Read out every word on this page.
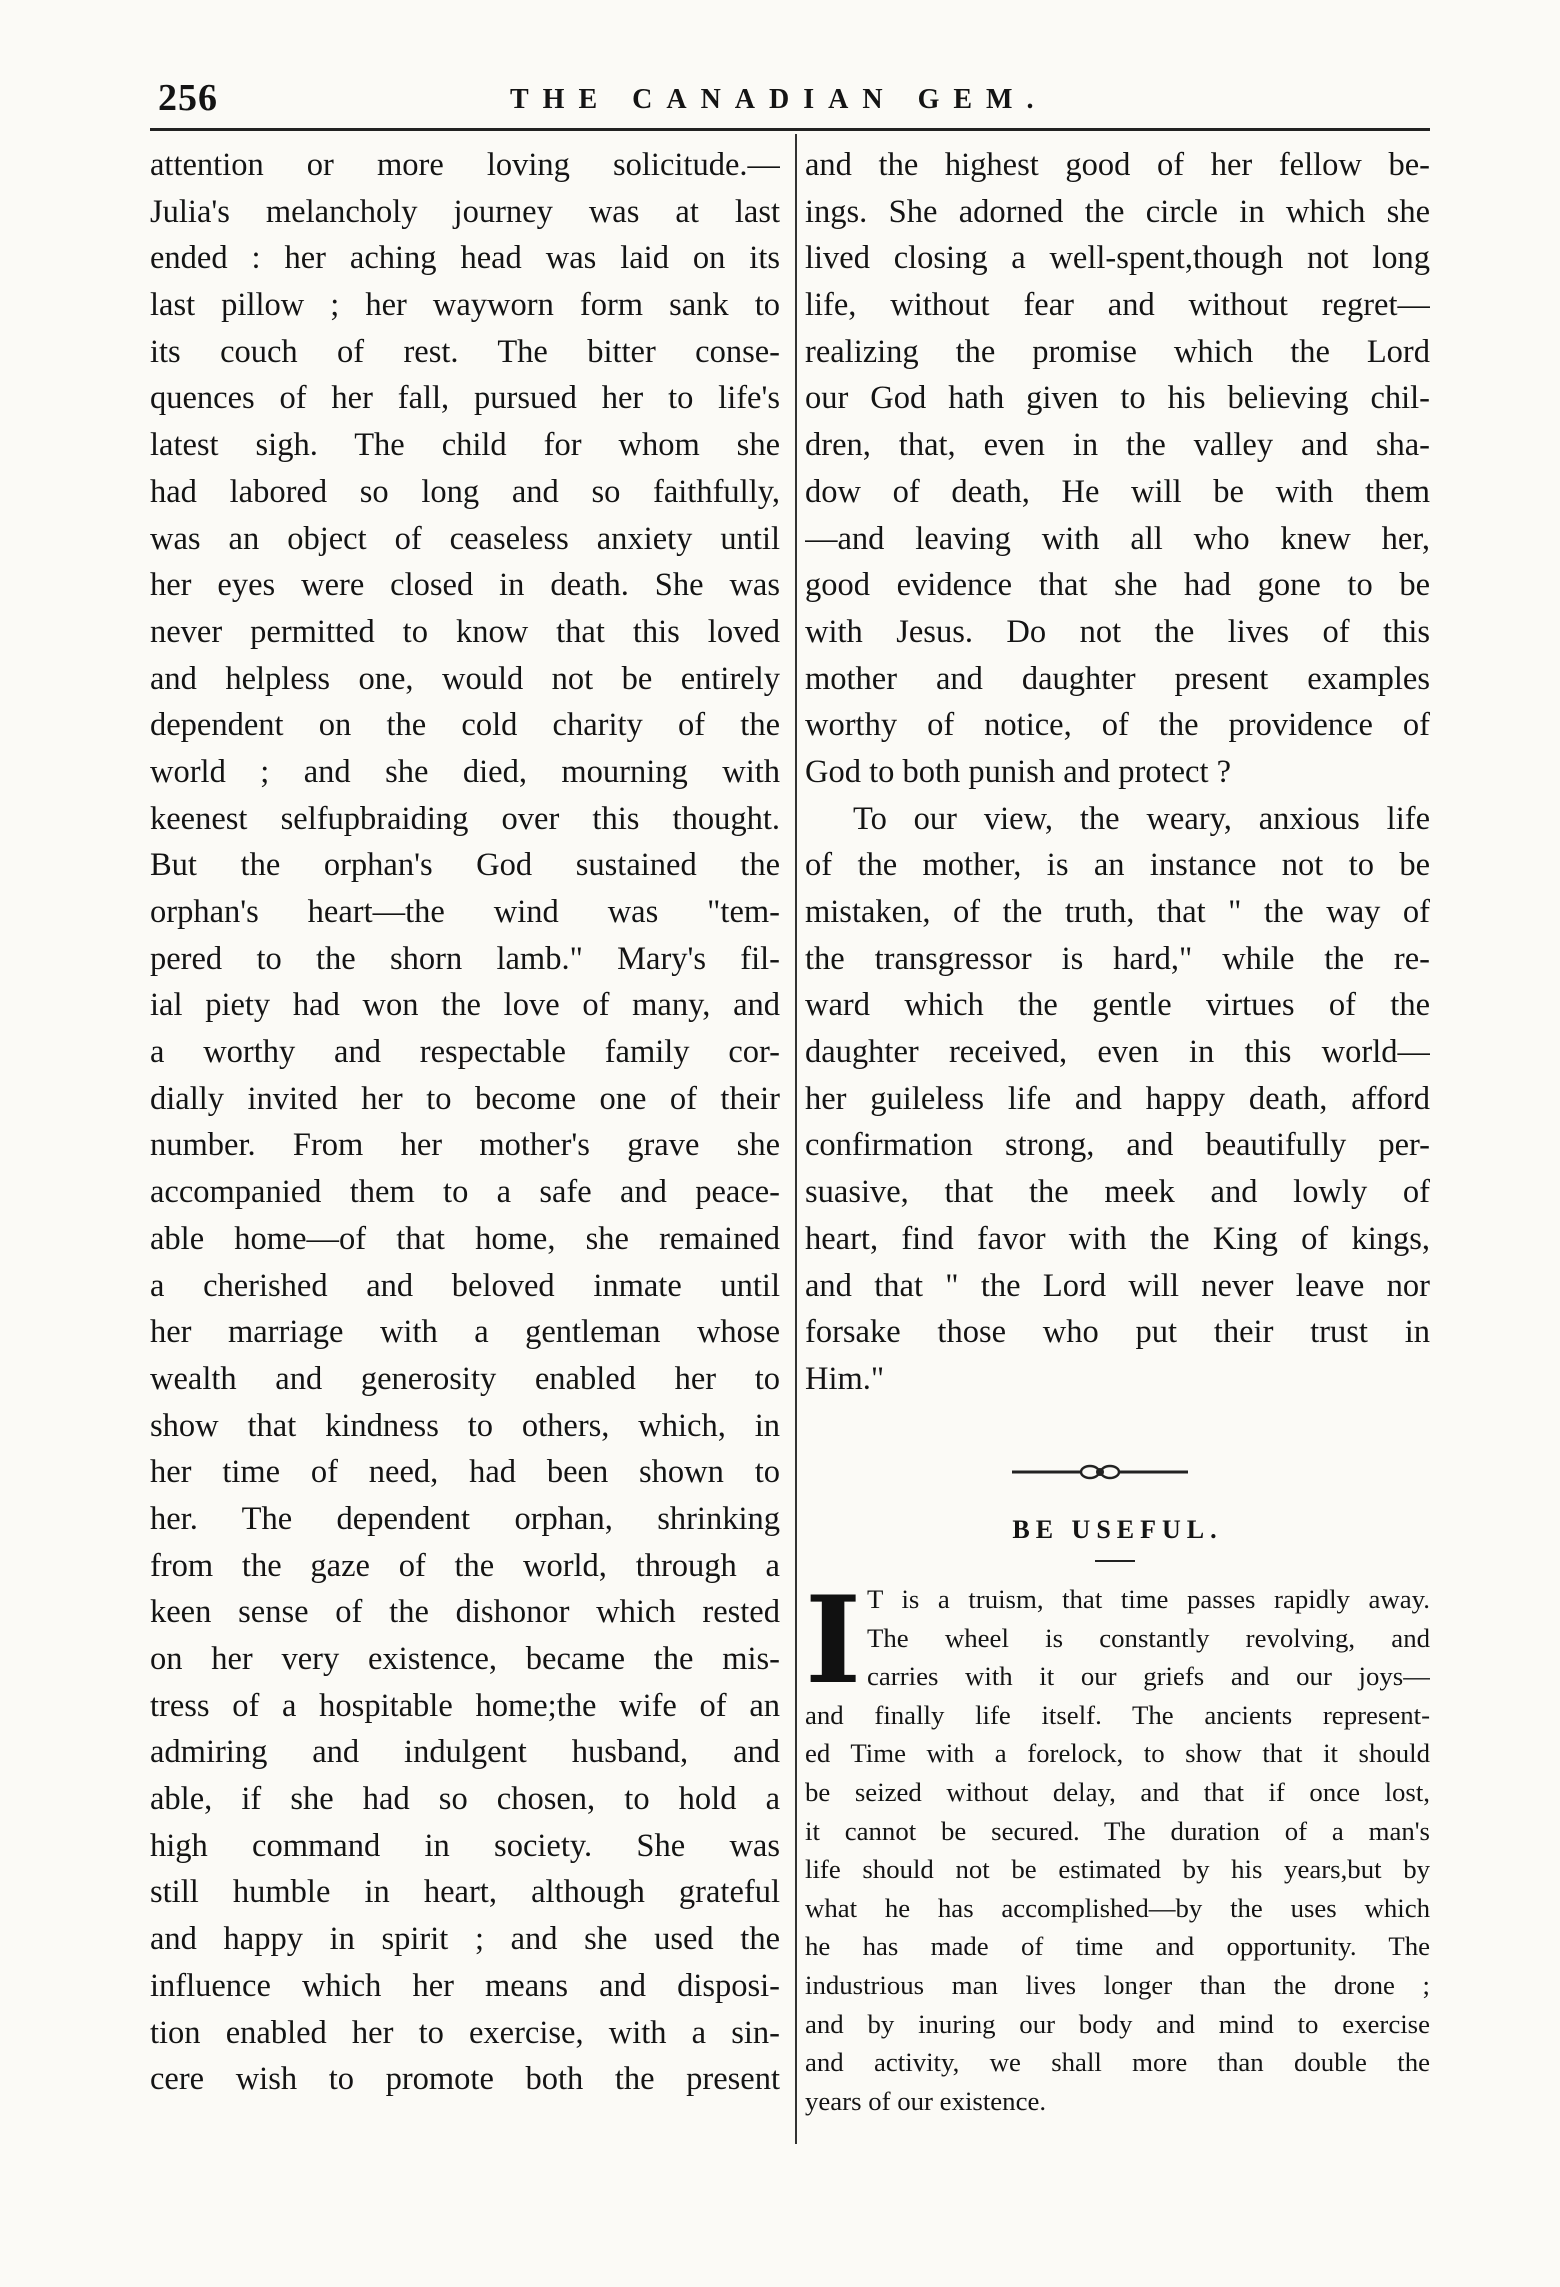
256	THE CANADIAN GEM.
attention or more loving solicitude.—
Julia's melancholy journey was at last
ended : her aching head was laid on its
last pillow ; her wayworn form sank to
its couch of rest. The bitter conse-
quences of her fall, pursued her to life's
latest sigh. The child for whom she
had labored so long and so faithfully,
was an object of ceaseless anxiety until
her eyes were closed in death. She was
never permitted to know that this loved
and helpless one, would not be entirely
dependent on the cold charity of the
world ; and she died, mourning with
keenest selfupbraiding over this thought.
But the orphan's God sustained the
orphan's heart—the wind was "tem-
pered to the shorn lamb." Mary's fil-
ial piety had won the love of many, and
a worthy and respectable family cor-
dially invited her to become one of their
number. From her mother's grave she
accompanied them to a safe and peace-
able home—of that home, she remained
a cherished and beloved inmate until
her marriage with a gentleman whose
wealth and generosity enabled her to
show that kindness to others, which, in
her time of need, had been shown to
her. The dependent orphan, shrinking
from the gaze of the world, through a
keen sense of the dishonor which rested
on her very existence, became the mis-
tress of a hospitable home;the wife of an
admiring and indulgent husband, and
able, if she had so chosen, to hold a
high command in society. She was
still humble in heart, although grateful
and happy in spirit ; and she used the
influence which her means and disposi-
tion enabled her to exercise, with a sin-
cere wish to promote both the present
and the highest good of her fellow be-
ings. She adorned the circle in which she
lived closing a well-spent,though not long
life, without fear and without regret—
realizing the promise which the Lord
our God hath given to his believing chil-
dren, that, even in the valley and sha-
dow of death, He will be with them
—and leaving with all who knew her,
good evidence that she had gone to be
with Jesus. Do not the lives of this
mother and daughter present examples
worthy of notice, of the providence of
God to both punish and protect ?
To our view, the weary, anxious life
of the mother, is an instance not to be
mistaken, of the truth, that " the way of
the transgressor is hard," while the re-
ward which the gentle virtues of the
daughter received, even in this world—
her guileless life and happy death, afford
confirmation strong, and beautifully per-
suasive, that the meek and lowly of
heart, find favor with the King of kings,
and that " the Lord will never leave nor
forsake those who put their trust in
Him."
BE USEFUL.
I T is a truism, that time passes rapidly away.
The wheel is constantly revolving, and
carries with it our griefs and our joys—
and finally life itself. The ancients represent-
ed Time with a forelock, to show that it should
be seized without delay, and that if once lost,
it cannot be secured. The duration of a man's
life should not be estimated by his years,but by
what he has accomplished—by the uses which
he has made of time and opportunity. The
industrious man lives longer than the drone ;
and by inuring our body and mind to exercise
and activity, we shall more than double the
years of our existence.
